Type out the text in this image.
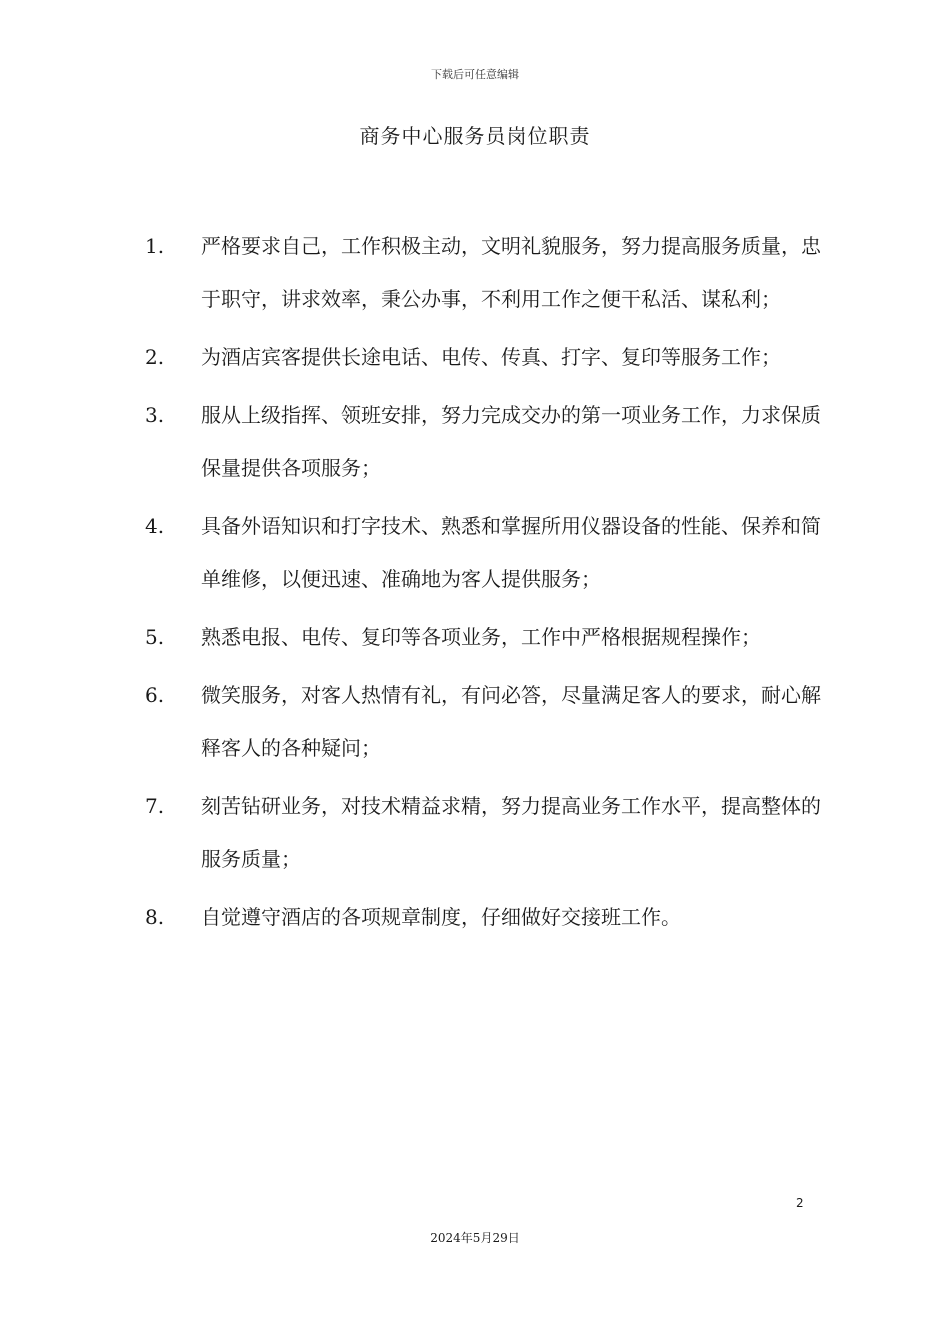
下载后可任意编辑
商务中心服务员岗位职责
1. 严格要求自己，工作积极主动，文明礼貌服务，努力提高服务质量，忠于职守，讲求效率，秉公办事，不利用工作之便干私活、谋私利；
2. 为酒店宾客提供长途电话、电传、传真、打字、复印等服务工作；
3. 服从上级指挥、领班安排，努力完成交办的第一项业务工作，力求保质保量提供各项服务；
4. 具备外语知识和打字技术、熟悉和掌握所用仪器设备的性能、保养和简单维修，以便迅速、准确地为客人提供服务；
5. 熟悉电报、电传、复印等各项业务，工作中严格根据规程操作；
6. 微笑服务，对客人热情有礼，有问必答，尽量满足客人的要求，耐心解释客人的各种疑问；
7. 刻苦钻研业务，对技术精益求精，努力提高业务工作水平，提高整体的服务质量；
8. 自觉遵守酒店的各项规章制度，仔细做好交接班工作。
2
2024年5月29日
